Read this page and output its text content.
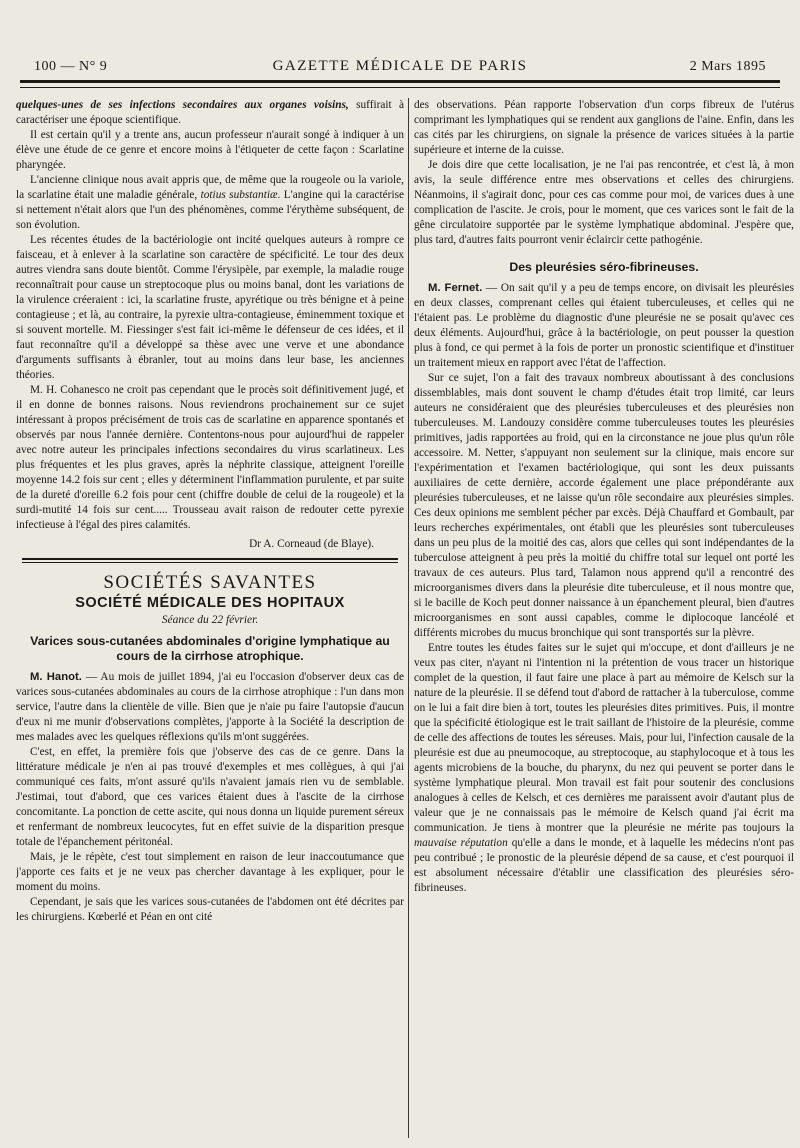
100 — N° 9	GAZETTE MÉDICALE DE PARIS	2 Mars 1895

quelques-unes de ses infections secondaires aux organes voisins, suffirait à caractériser une époque scientifique.

Il est certain qu'il y a trente ans, aucun professeur n'aurait songé à indiquer à un élève une étude de ce genre et encore moins à l'étiqueter de cette façon : Scarlatine pharyngée.

L'ancienne clinique nous avait appris que, de même que la rougeole ou la variole, la scarlatine était une maladie générale, totius substantiæ. L'angine qui la caractérise si nettement n'était alors que l'un des phénomènes, comme l'érythème subséquent, de son évolution.

Les récentes études de la bactériologie ont incité quelques auteurs à rompre ce faisceau, et à enlever à la scarlatine son caractère de spécificité. Le tour des deux autres viendra sans doute bientôt. Comme l'érysipèle, par exemple, la maladie rouge reconnaîtrait pour cause un streptocoque plus ou moins banal, dont les variations de la virulence créeraient : ici, la scarlatine fruste, apyrétique ou très bénigne et à peine contagieuse ; et là, au contraire, la pyrexie ultra-contagieuse, éminemment toxique et si souvent mortelle. M. Fiessinger s'est fait ici-même le défenseur de ces idées, et il faut reconnaître qu'il a développé sa thèse avec une verve et une abondance d'arguments suffisants à ébranler, tout au moins dans leur base, les anciennes théories.

M. H. Cohanesco ne croit pas cependant que le procès soit définitivement jugé, et il en donne de bonnes raisons. Nous reviendrons prochainement sur ce sujet intéressant à propos précisément de trois cas de scarlatine en apparence spontanés et observés par nous l'année dernière. Contentons-nous pour aujourd'hui de rappeler avec notre auteur les principales infections secondaires du virus scarlatineux. Les plus fréquentes et les plus graves, après la néphrite classique, atteignent l'oreille moyenne 14.2 fois sur cent ; elles y déterminent l'inflammation purulente, et par suite de la dureté d'oreille 6.2 fois pour cent (chiffre double de celui de la rougeole) et la surdi-mutité 14 fois sur cent..... Trousseau avait raison de redouter cette pyrexie infectieuse à l'égal des pires calamités.

Dr A. Corneaud (de Blaye).
SOCIÉTÉS SAVANTES
SOCIÉTÉ MÉDICALE DES HOPITAUX
Séance du 22 février.
Varices sous-cutanées abdominales d'origine lymphatique au cours de la cirrhose atrophique.

M. Hanot. — Au mois de juillet 1894, j'ai eu l'occasion d'observer deux cas de varices sous-cutanées abdominales au cours de la cirrhose atrophique : l'un dans mon service, l'autre dans la clientèle de ville. Bien que je n'aie pu faire l'autopsie d'aucun d'eux ni me munir d'observations complètes, j'apporte à la Société la description de mes malades avec les quelques réflexions qu'ils m'ont suggérées.

C'est, en effet, la première fois que j'observe des cas de ce genre. Dans la littérature médicale je n'en ai pas trouvé d'exemples et mes collègues, à qui j'ai communiqué ces faits, m'ont assuré qu'ils n'avaient jamais rien vu de semblable. J'estimai, tout d'abord, que ces varices étaient dues à l'ascite de la cirrhose concomitante. La ponction de cette ascite, qui nous donna un liquide purement séreux et renfermant de nombreux leucocytes, fut en effet suivie de la disparition presque totale de l'épanchement péritonéal.

Mais, je le répète, c'est tout simplement en raison de leur inaccoutumance que j'apporte ces faits et je ne veux pas chercher davantage à les expliquer, pour le moment du moins.

Cependant, je sais que les varices sous-cutanées de l'abdomen ont été décrites par les chirurgiens. Kœberlé et Péan en ont cité

des observations. Péan rapporte l'observation d'un corps fibreux de l'utérus comprimant les lymphatiques qui se rendent aux ganglions de l'aine. Enfin, dans les cas cités par les chirurgiens, on signale la présence de varices situées à la partie supérieure et interne de la cuisse.

Je dois dire que cette localisation, je ne l'ai pas rencontrée, et c'est là, à mon avis, la seule différence entre mes observations et celles des chirurgiens. Néanmoins, il s'agirait donc, pour ces cas comme pour moi, de varices dues à une complication de l'ascite. Je crois, pour le moment, que ces varices sont le fait de la gêne circulatoire supportée par le système lymphatique abdominal. J'espère que, plus tard, d'autres faits pourront venir éclaircir cette pathogénie.

Des pleurésies séro-fibrineuses.

M. Fernet. — On sait qu'il y a peu de temps encore, on divisait les pleurésies en deux classes, comprenant celles qui étaient tuberculeuses, et celles qui ne l'étaient pas. Le problème du diagnostic d'une pleurésie ne se posait qu'avec ces deux éléments. Aujourd'hui, grâce à la bactériologie, on peut pousser la question plus à fond, ce qui permet à la fois de porter un pronostic scientifique et d'instituer un traitement mieux en rapport avec l'état de l'affection.

Sur ce sujet, l'on a fait des travaux nombreux aboutissant à des conclusions dissemblables, mais dont souvent le champ d'études était trop limité, car leurs auteurs ne considéraient que des pleurésies tuberculeuses et des pleurésies non tuberculeuses. M. Landouzy considère comme tuberculeuses toutes les pleurésies primitives, jadis rapportées au froid, qui en la circonstance ne joue plus qu'un rôle accessoire. M. Netter, s'appuyant non seulement sur la clinique, mais encore sur l'expérimentation et l'examen bactériologique, qui sont les deux puissants auxiliaires de cette dernière, accorde également une place prépondérante aux pleurésies tuberculeuses, et ne laisse qu'un rôle secondaire aux pleurésies simples. Ces deux opinions me semblent pécher par excès. Déjà Chauffard et Gombault, par leurs recherches expérimentales, ont établi que les pleurésies sont tuberculeuses dans un peu plus de la moitié des cas, alors que celles qui sont indépendantes de la tuberculose atteignent à peu près la moitié du chiffre total sur lequel ont porté les travaux de ces auteurs. Plus tard, Talamon nous apprend qu'il a rencontré des microorganismes divers dans la pleurésie dite tuberculeuse, et il nous montre que, si le bacille de Koch peut donner naissance à un épanchement pleural, bien d'autres microorganismes en sont aussi capables, comme le diplocoque lancéolé et différents microbes du mucus bronchique qui sont transportés sur la plèvre.

Entre toutes les études faites sur le sujet qui m'occupe, et dont d'ailleurs je ne veux pas citer, n'ayant ni l'intention ni la prétention de vous tracer un historique complet de la question, il faut faire une place à part au mémoire de Kelsch sur la nature de la pleurésie. Il se défend tout d'abord de rattacher à la tuberculose, comme on le lui a fait dire bien à tort, toutes les pleurésies dites primitives. Puis, il montre que la spécificité étiologique est le trait saillant de l'histoire de la pleurésie, comme de celle des affections de toutes les séreuses. Mais, pour lui, l'infection causale de la pleurésie est due au pneumocoque, au streptocoque, au staphylocoque et à tous les agents microbiens de la bouche, du pharynx, du nez qui peuvent se porter dans le système lymphatique pleural. Mon travail est fait pour soutenir des conclusions analogues à celles de Kelsch, et ces dernières me paraissent avoir d'autant plus de valeur que je ne connaissais pas le mémoire de Kelsch quand j'ai écrit ma communication. Je tiens à montrer que la pleurésie ne mérite pas toujours la mauvaise réputation qu'elle a dans le monde, et à laquelle les médecins n'ont pas peu contribué ; le pronostic de la pleurésie dépend de sa cause, et c'est pourquoi il est absolument nécessaire d'établir une classification des pleurésies séro-fibrineuses.
